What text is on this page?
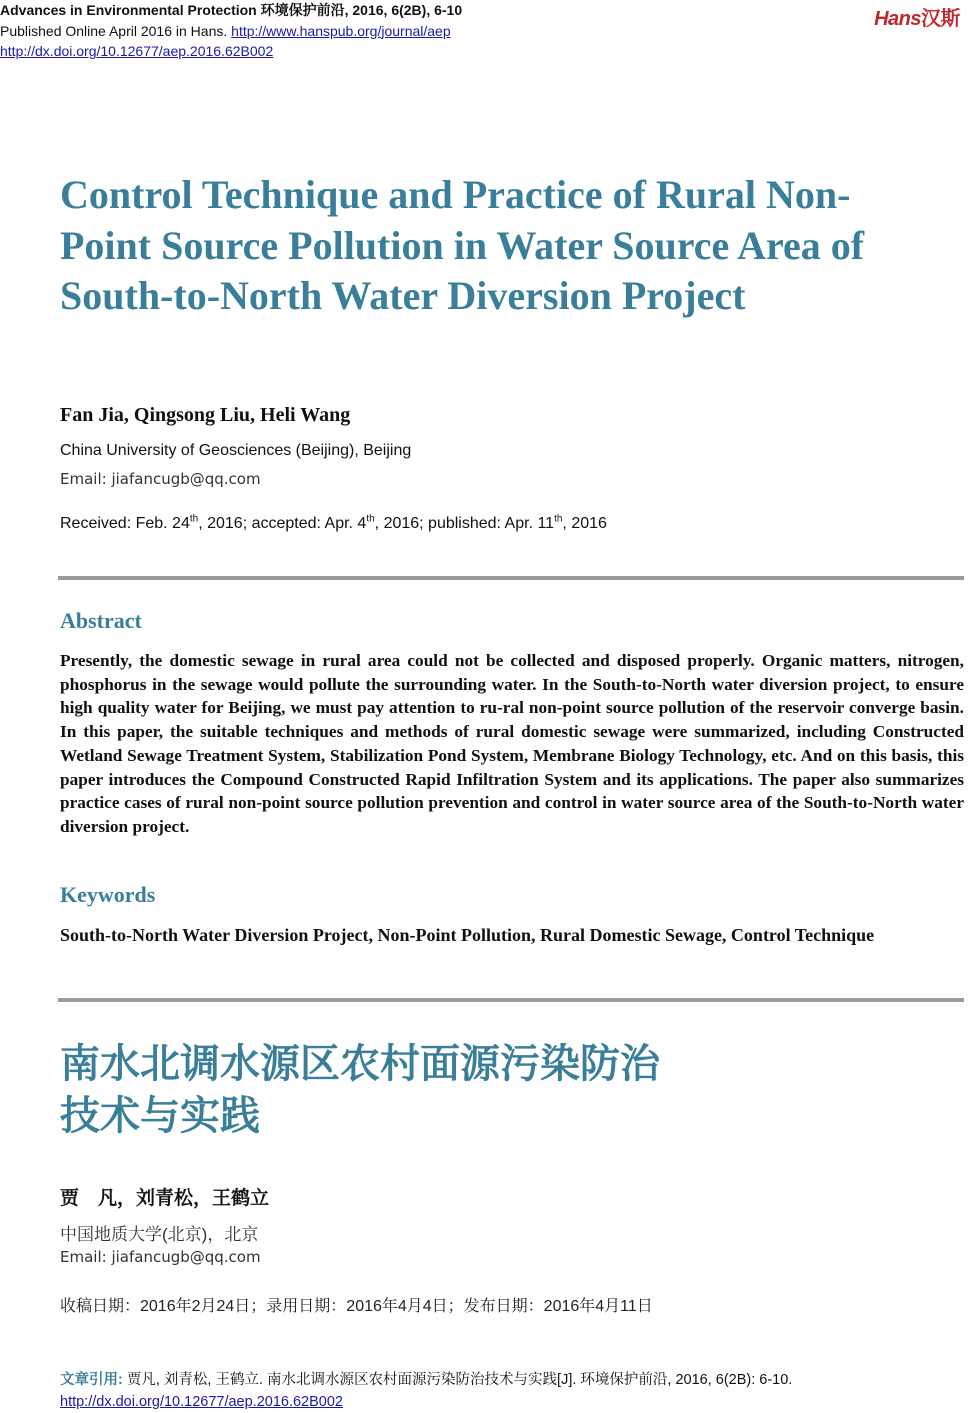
Advances in Environmental Protection 环境保护前沿, 2016, 6(2B), 6-10
Published Online April 2016 in Hans. http://www.hanspub.org/journal/aep
http://dx.doi.org/10.12677/aep.2016.62B002
Hans汉斯
Control Technique and Practice of Rural Non-Point Source Pollution in Water Source Area of South-to-North Water Diversion Project
Fan Jia, Qingsong Liu, Heli Wang
China University of Geosciences (Beijing), Beijing
Email: jiafancugb@qq.com
Received: Feb. 24th, 2016; accepted: Apr. 4th, 2016; published: Apr. 11th, 2016
Abstract

Presently, the domestic sewage in rural area could not be collected and disposed properly. Organic matters, nitrogen, phosphorus in the sewage would pollute the surrounding water. In the South-to-North water diversion project, to ensure high quality water for Beijing, we must pay attention to ru-ral non-point source pollution of the reservoir converge basin. In this paper, the suitable techniques and methods of rural domestic sewage were summarized, including Constructed Wetland Sewage Treatment System, Stabilization Pond System, Membrane Biology Technology, etc. And on this basis, this paper introduces the Compound Constructed Rapid Infiltration System and its applications. The paper also summarizes practice cases of rural non-point source pollution prevention and control in water source area of the South-to-North water diversion project.

Keywords
South-to-North Water Diversion Project, Non-Point Pollution, Rural Domestic Sewage, Control Technique
南水北调水源区农村面源污染防治
技术与实践
贾　凡，刘青松，王鹤立
中国地质大学(北京)，北京
Email: jiafancugb@qq.com
收稿日期：2016年2月24日；录用日期：2016年4月4日；发布日期：2016年4月11日
文章引用: 贾凡, 刘青松, 王鹤立. 南水北调水源区农村面源污染防治技术与实践[J]. 环境保护前沿, 2016, 6(2B): 6-10.
http://dx.doi.org/10.12677/aep.2016.62B002
